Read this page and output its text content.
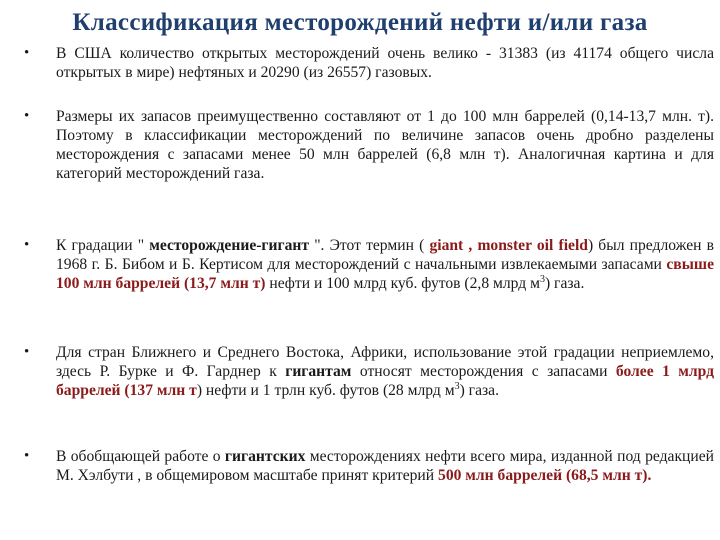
Классификация месторождений нефти и/или газа
• В США количество открытых месторождений очень велико - 31383 (из 41174 общего числа открытых в мире) нефтяных и 20290 (из 26557) газовых.
• Размеры их запасов преимущественно составляют от 1 до 100 млн баррелей (0,14-13,7 млн. т). Поэтому в классификации месторождений по величине запасов очень дробно разделены месторождения с запасами менее 50 млн баррелей (6,8 млн т). Аналогичная картина и для категорий месторождений газа.
• К градации " месторождение-гигант ". Этот термин ( giant , monster oil field) был предложен в 1968 г. Б. Бибом и Б. Кертисом для месторождений с начальными извлекаемыми запасами свыше 100 млн баррелей (13,7 млн т) нефти и 100 млрд куб. футов (2,8 млрд $м^3$) газа.
• Для стран Ближнего и Среднего Востока, Африки, использование этой градации неприемлемо, здесь Р. Бурке и Ф. Гарднер к гигантам относят месторождения с запасами более 1 млрд баррелей (137 млн т) нефти и 1 трлн куб. футов (28 млрд $м^3$) газа.
• В обобщающей работе о гигантских месторождениях нефти всего мира, изданной под редакцией М. Хэлбути , в общемировом масштабе принят критерий 500 млн баррелей (68,5 млн т).
